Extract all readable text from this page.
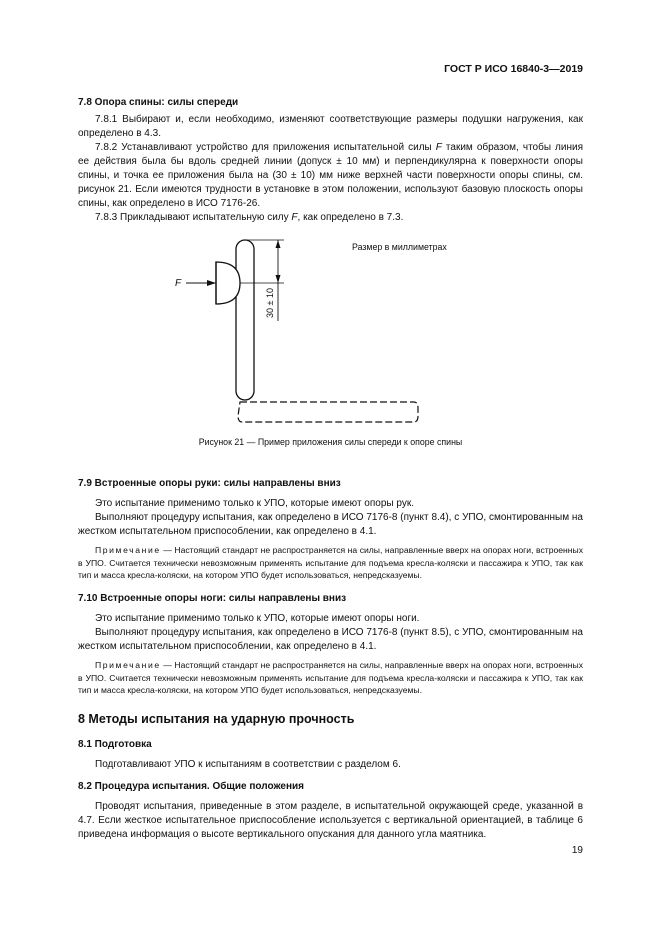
ГОСТ Р ИСО 16840-3—2019
7.8 Опора спины: силы спереди
7.8.1 Выбирают и, если необходимо, изменяют соответствующие размеры подушки нагружения, как определено в 4.3.
7.8.2 Устанавливают устройство для приложения испытательной силы F таким образом, чтобы линия ее действия была бы вдоль средней линии (допуск ± 10 мм) и перпендикулярна к поверхности опоры спины, и точка ее приложения была на (30 ± 10) мм ниже верхней части поверхности опоры спины, см. рисунок 21. Если имеются трудности в установке в этом положении, используют базовую плоскость опоры спины, как определено в ИСО 7176-26.
7.8.3 Прикладывают испытательную силу F, как определено в 7.3.
30 ± 10
F
Размер в миллиметрах
Рисунок 21 — Пример приложения силы спереди к опоре спины
7.9 Встроенные опоры руки: силы направлены вниз
Это испытание применимо только к УПО, которые имеют опоры рук.
Выполняют процедуру испытания, как определено в ИСО 7176-8 (пункт 8.4), с УПО, смонтированным на жестком испытательном приспособлении, как определено в 4.1.
Примечание — Настоящий стандарт не распространяется на силы, направленные вверх на опорах ноги, встроенных в УПО. Считается технически невозможным применять испытание для подъема кресла-коляски и пассажира к УПО, так как тип и масса кресла-коляски, на котором УПО будет использоваться, непредсказуемы.
7.10 Встроенные опоры ноги: силы направлены вниз
Это испытание применимо только к УПО, которые имеют опоры ноги.
Выполняют процедуру испытания, как определено в ИСО 7176-8 (пункт 8.5), с УПО, смонтированным на жестком испытательном приспособлении, как определено в 4.1.
Примечание — Настоящий стандарт не распространяется на силы, направленные вверх на опорах ноги, встроенных в УПО. Считается технически невозможным применять испытание для подъема кресла-коляски и пассажира к УПО, так как тип и масса кресла-коляски, на котором УПО будет использоваться, непредсказуемы.
8 Методы испытания на ударную прочность
8.1 Подготовка
Подготавливают УПО к испытаниям в соответствии с разделом 6.
8.2 Процедура испытания. Общие положения
Проводят испытания, приведенные в этом разделе, в испытательной окружающей среде, указанной в 4.7. Если жесткое испытательное приспособление используется с вертикальной ориентацией, в таблице 6 приведена информация о высоте вертикального опускания для данного угла маятника.
19
